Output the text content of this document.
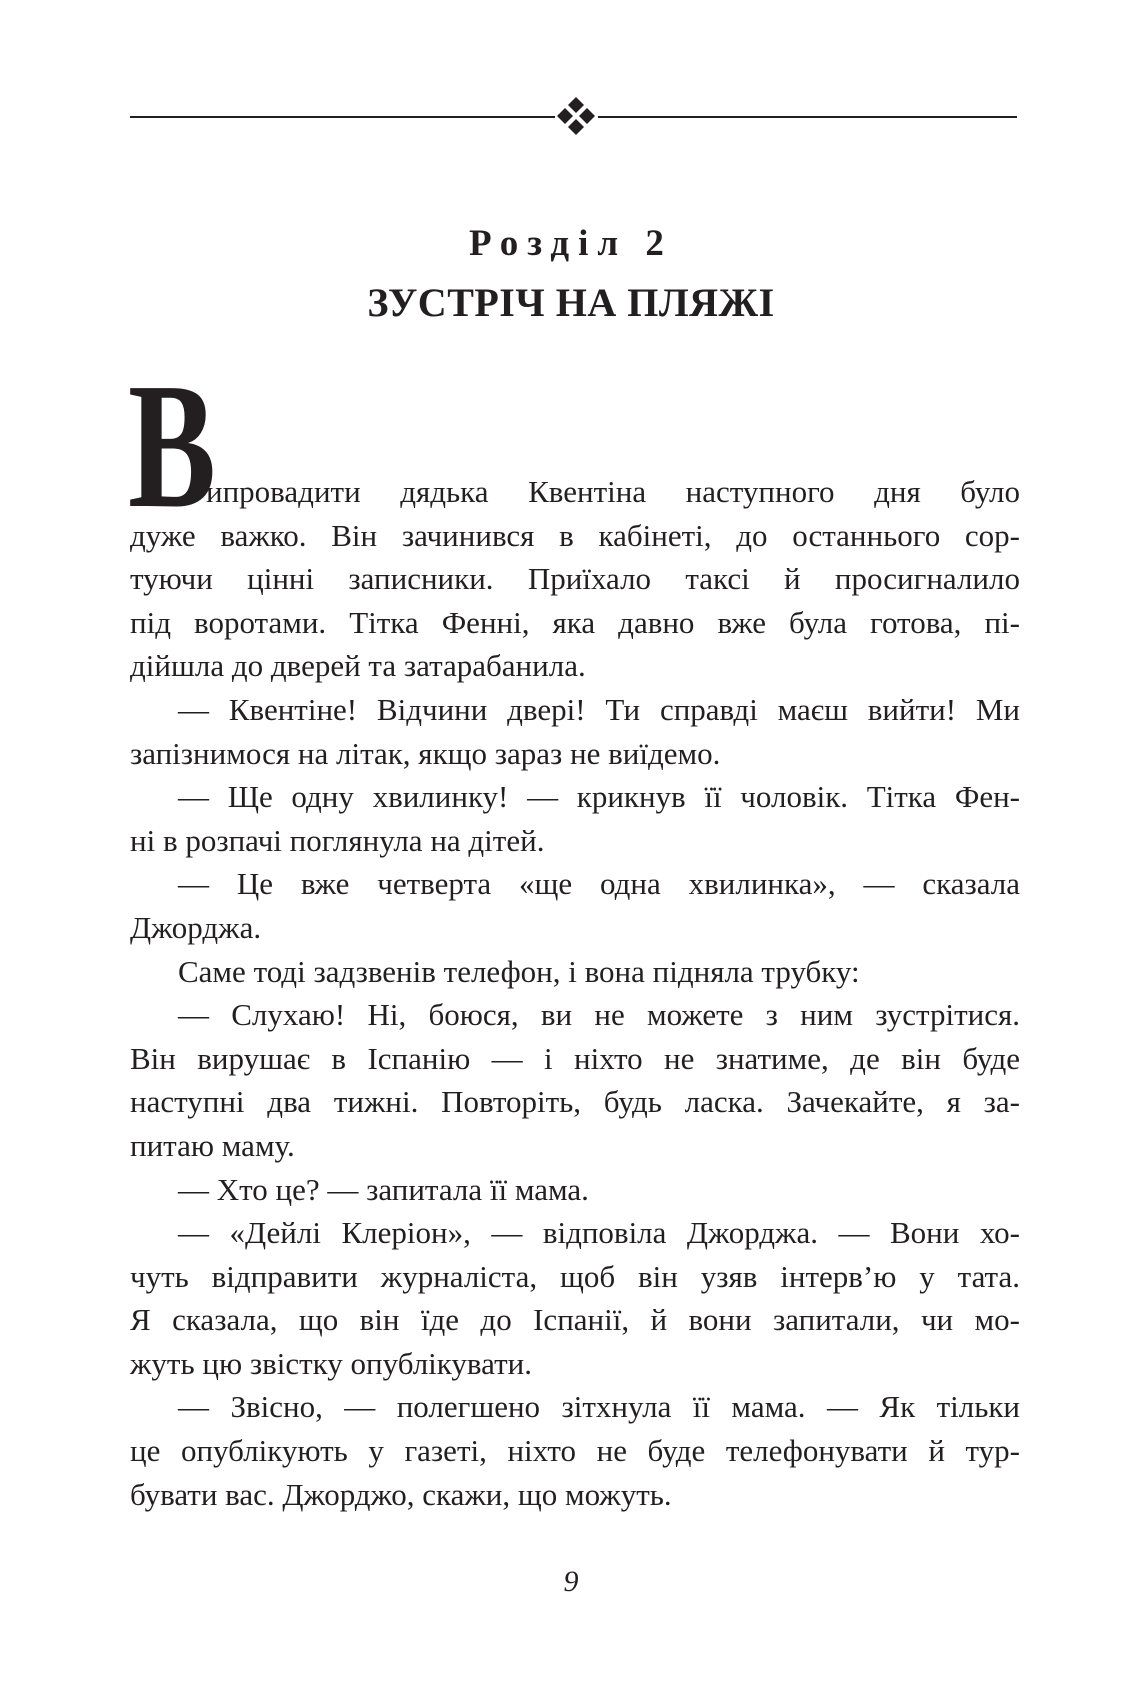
Розділ 2
ЗУСТРІЧ НА ПЛЯЖІ
В
ипровадити дядька Квентіна наступного дня було
дуже важко. Він зачинився в кабінеті, до останнього сор-
туючи цінні записники. Приїхало таксі й просигналило
під воротами. Тітка Фенні, яка давно вже була готова, пі-
дійшла до дверей та затарабанила.
— Квентіне! Відчини двері! Ти справді маєш вийти! Ми
запізнимося на літак, якщо зараз не виїдемо.
— Ще одну хвилинку! — крикнув її чоловік. Тітка Фен-
ні в розпачі поглянула на дітей.
— Це вже четверта «ще одна хвилинка», — сказала
Джорджа.
Саме тоді задзвенів телефон, і вона підняла трубку:
— Слухаю! Ні, боюся, ви не можете з ним зустрітися.
Він вирушає в Іспанію — і ніхто не знатиме, де він буде
наступні два тижні. Повторіть, будь ласка. Зачекайте, я за-
питаю маму.
— Хто це? — запитала її мама.
— «Дейлі Клеріон», — відповіла Джорджа. — Вони хо-
чуть відправити журналіста, щоб він узяв інтерв’ю у тата.
Я сказала, що він їде до Іспанії, й вони запитали, чи мо-
жуть цю звістку опублікувати.
— Звісно, — полегшено зітхнула її мама. — Як тільки
це опублікують у газеті, ніхто не буде телефонувати й тур-
бувати вас. Джорджо, скажи, що можуть.
9
